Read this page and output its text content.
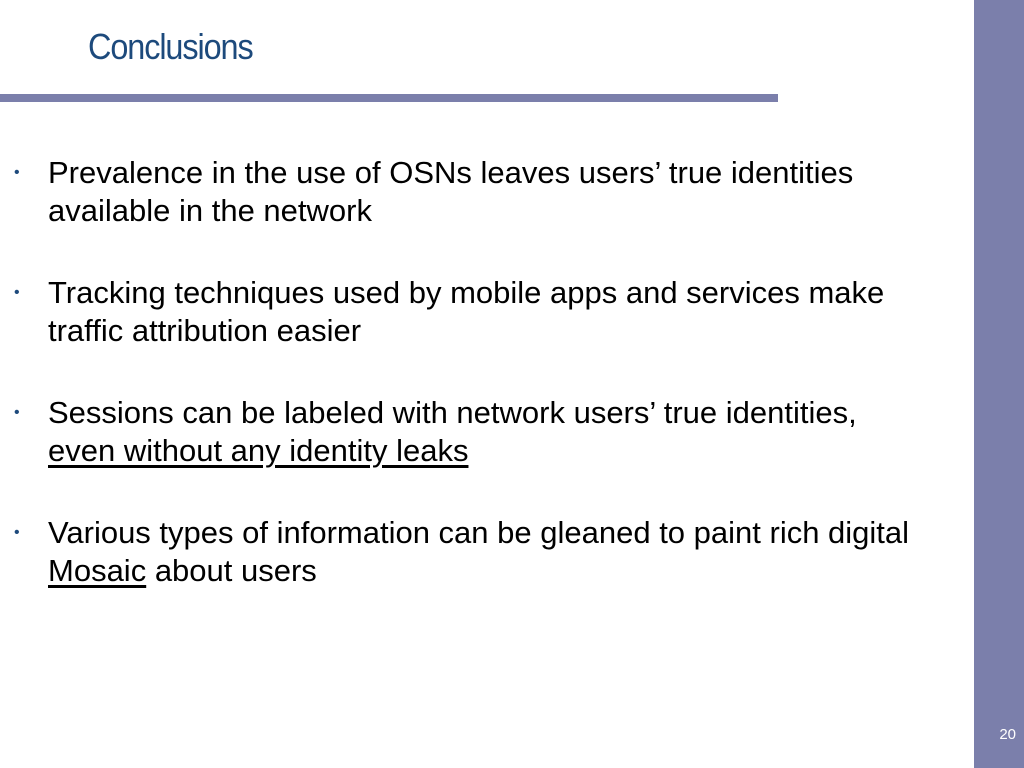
20
Conclusions
• Prevalence in the use of OSNs leaves users’ true identities available in the network
• Tracking techniques used by mobile apps and services make traffic attribution easier
• Sessions can be labeled with network users’ true identities, even without any identity leaks
• Various types of information can be gleaned to paint rich digital Mosaic about users
